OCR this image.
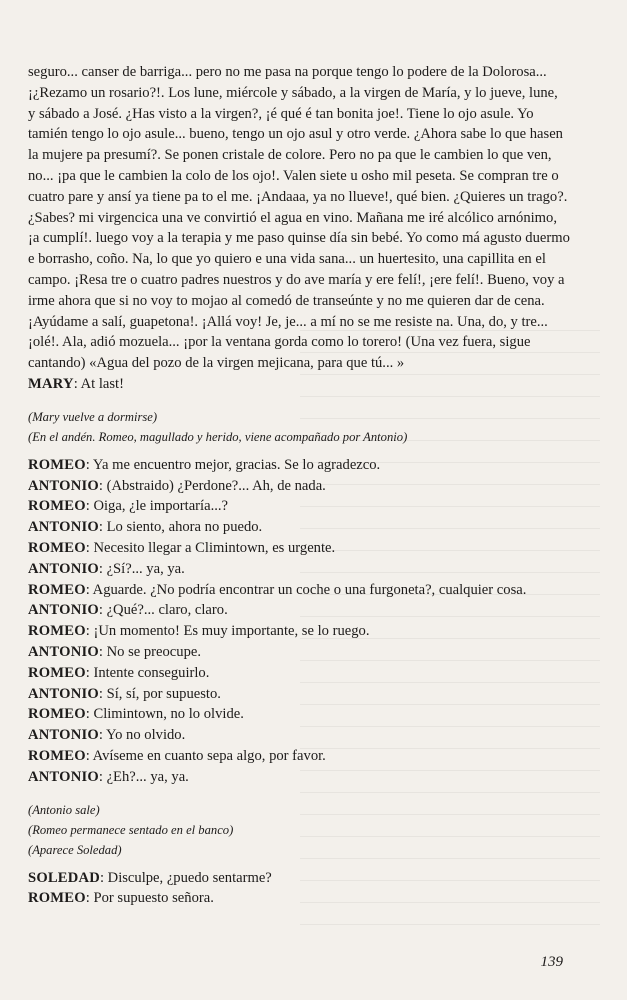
seguro... canser de barriga... pero no me pasa na porque tengo lo podere de la Dolorosa...

¡¿Rezamo un rosario?!. Los lune, miércole y sábado, a la virgen de María, y lo jueve, lune,

y sábado a José. ¿Has visto a la virgen?, ¡é qué é tan bonita joe!. Tiene lo ojo asule. Yo

tamién tengo lo ojo asule... bueno, tengo un ojo asul y otro verde. ¿Ahora sabe lo que hasen

la mujere pa presumí?. Se ponen cristale de colore. Pero no pa que le cambien lo que ven,

no... ¡pa que le cambien la colo de los ojo!. Valen siete u osho mil peseta. Se compran tre o

cuatro pare y ansí ya tiene pa to el me. ¡Andaaa, ya no llueve!, qué bien. ¿Quieres un trago?.

¿Sabes? mi virgencica una ve convirtió el agua en vino. Mañana me iré alcólico arnónimo,

¡a cumplí!. luego voy a la terapia y me paso quinse día sin bebé. Yo como má agusto duermo

e borrasho, coño. Na, lo que yo quiero e una vida sana... un huertesito, una capillita en el

campo. ¡Resa tre o cuatro padres nuestros y do ave maría y ere felí!, ¡ere felí!. Bueno, voy a

irme ahora que si no voy to mojao al comedó de transeúnte y no me quieren dar de cena.

¡Ayúdame a salí, guapetona!. ¡Allá voy! Je, je... a mí no se me resiste na. Una, do, y tre...

¡olé!. Ala, adió mozuela... ¡por la ventana gorda como lo torero! (Una vez fuera, sigue

cantando) «Agua del pozo de la virgen mejicana, para que tú... »

MARY: At last!

(Mary vuelve a dormirse)

(En el andén. Romeo, magullado y herido, viene acompañado por Antonio)

ROMEO: Ya me encuentro mejor, gracias. Se lo agradezco.

ANTONIO: (Abstraido) ¿Perdone?... Ah, de nada.

ROMEO: Oiga, ¿le importaría...?

ANTONIO: Lo siento, ahora no puedo.

ROMEO: Necesito llegar a Climintown, es urgente.

ANTONIO: ¿Sí?... ya, ya.

ROMEO: Aguarde. ¿No podría encontrar un coche o una furgoneta?, cualquier cosa.

ANTONIO: ¿Qué?... claro, claro.

ROMEO: ¡Un momento! Es muy importante, se lo ruego.

ANTONIO: No se preocupe.

ROMEO: Intente conseguirlo.

ANTONIO: Sí, sí, por supuesto.

ROMEO: Climintown, no lo olvide.

ANTONIO: Yo no olvido.

ROMEO: Avíseme en cuanto sepa algo, por favor.

ANTONIO: ¿Eh?... ya, ya.

(Antonio sale)

(Romeo permanece sentado en el banco)

(Aparece Soledad)

SOLEDAD: Disculpe, ¿puedo sentarme?

ROMEO: Por supuesto señora.

139
